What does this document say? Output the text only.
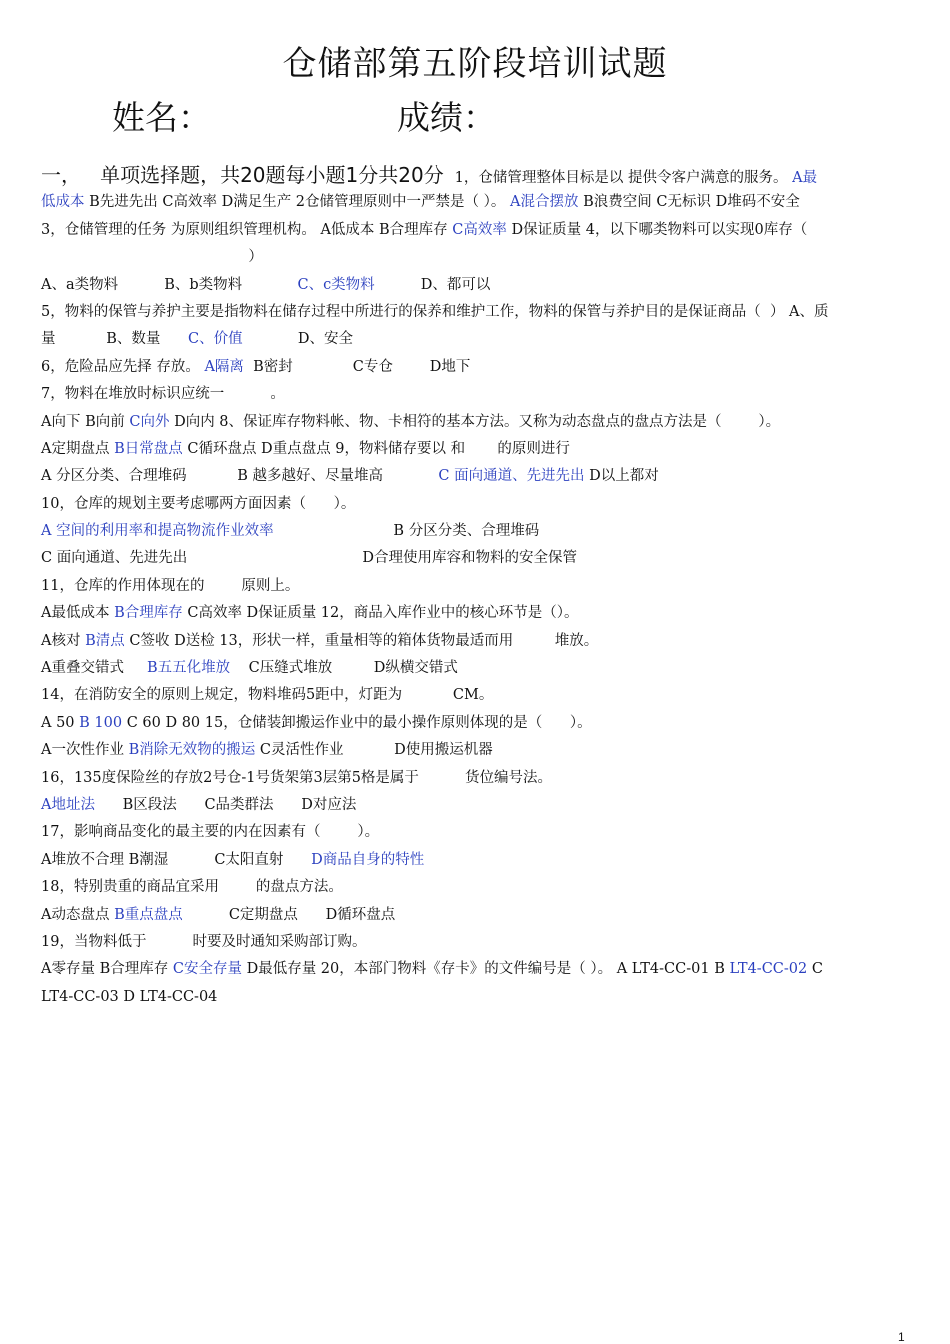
仓储部第五阶段培训试题
姓名：	成绩：
一，   单项选择题，共20题每小题1分共20分  1，仓储管理整体目标是以 提供令客户满意的服务。 A最
低成本 B先进先出 C高效率 D满足生产 2仓储管理原则中一严禁是（ ）。 A混合摆放 B浪费空间 C无标识 D堆码不安全
3，仓储管理的任务 为原则组织管理机构。 A低成本 B合理库存 C高效率 D保证质量 4，以下哪类物料可以实现0库存（
）
A、a类物料          B、b类物料            C、c类物料          D、都可以
5，物料的保管与养护主要是指物料在储存过程中所进行的保养和维护工作，物料的保管与养护目的是保证商品（  ） A、质
量           B、数量      C、价值            D、安全
6，危险品应先择 存放。 A隔离  B密封             C专仓        D地下
7，物料在堆放时标识应统一          。
A向下 B向前 C向外 D向内 8、保证库存物料帐、物、卡相符的基本方法。又称为动态盘点的盘点方法是（        ）。
A定期盘点 B日常盘点 C循环盘点 D重点盘点 9，物料储存要以 和       的原则进行
A 分区分类、合理堆码           B 越多越好、尽量堆高            C 面向通道、先进先出 D以上都对
10，仓库的规划主要考虑哪两方面因素（      ）。
A 空间的利用率和提高物流作业效率                          B 分区分类、合理堆码
C 面向通道、先进先出                                      D合理使用库容和物料的安全保管
11，仓库的作用体现在的        原则上。
A最低成本 B合理库存 C高效率 D保证质量 12，商品入库作业中的核心环节是（）。
A核对 B清点 C签收 D送检 13，形状一样，重量相等的箱体货物最适而用         堆放。
A重叠交错式     B五五化堆放    C压缝式堆放         D纵横交错式
14，在消防安全的原则上规定，物料堆码5距中，灯距为           CM。
A 50 B 100 C 60 D 80 15，仓储装卸搬运作业中的最小操作原则体现的是（      ）。
A一次性作业 B消除无效物的搬运 C灵活性作业           D使用搬运机器
16，135度保险丝的存放2号仓-1号货架第3层第5格是属于          货位编号法。
A地址法      B区段法      C品类群法      D对应法
17，影响商品变化的最主要的内在因素有（        ）。
A堆放不合理 B潮湿          C太阳直射      D商品自身的特性
18，特别贵重的商品宜采用        的盘点方法。
A动态盘点 B重点盘点          C定期盘点      D循环盘点
19，当物料低于          时要及时通知采购部订购。
A零存量 B合理库存 C安全存量 D最低存量 20，本部门物料《存卡》的文件编号是（ ）。 A LT4-CC-01 B LT4-CC-02 C
LT4-CC-03 D LT4-CC-04
1
